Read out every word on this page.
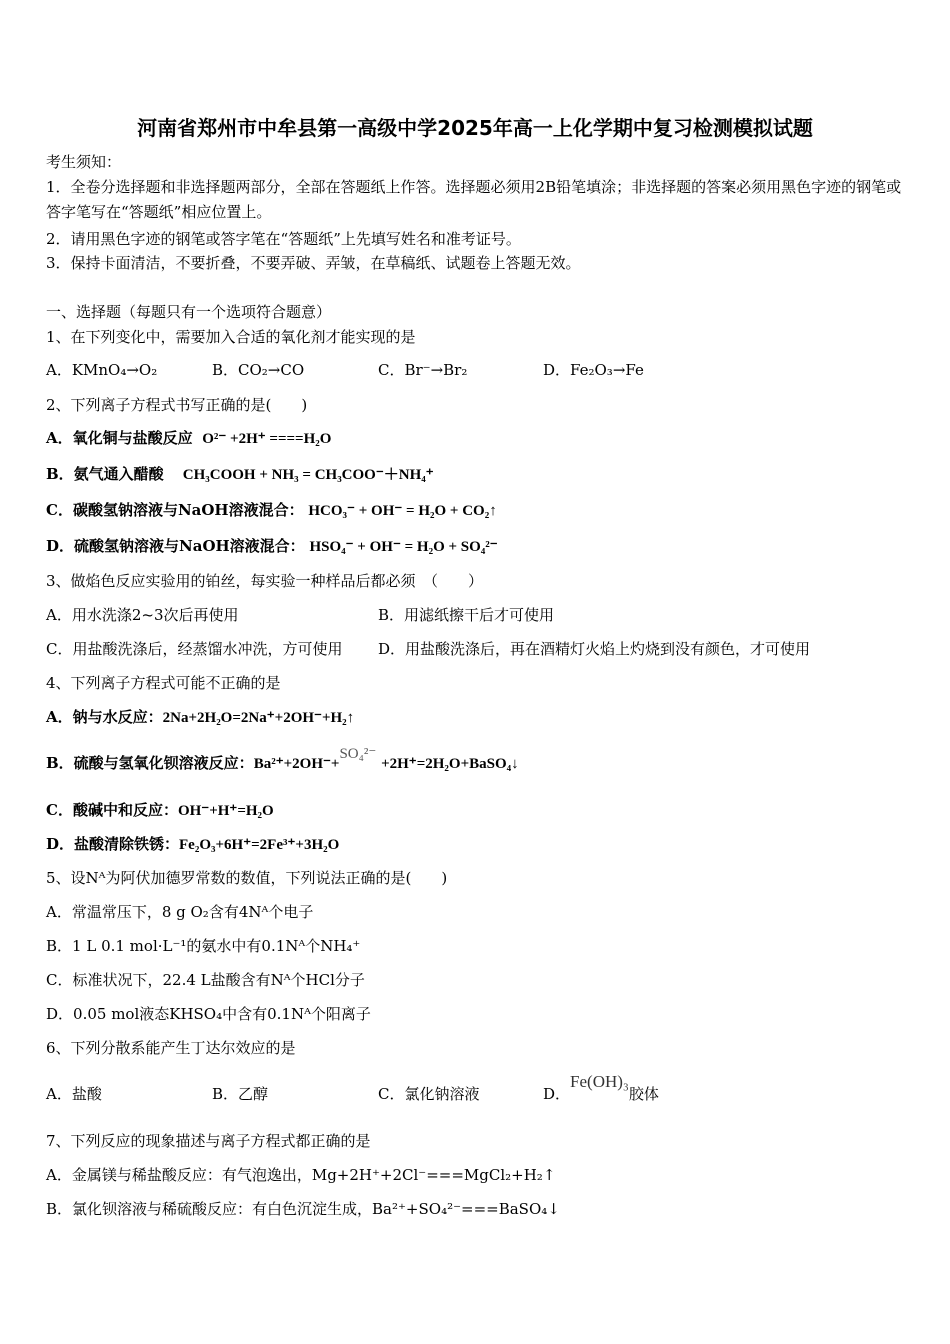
河南省郑州市中牟县第一高级中学2025年高一上化学期中复习检测模拟试题
考生须知：
1．全卷分选择题和非选择题两部分，全部在答题纸上作答。选择题必须用2B铅笔填涂；非选择题的答案必须用黑色字迹的钢笔或答字笔写在“答题纸”相应位置上。
2．请用黑色字迹的钢笔或答字笔在“答题纸”上先填写姓名和准考证号。
3．保持卡面清洁，不要折叠，不要弄破、弄皱，在草稿纸、试题卷上答题无效。
一、选择题（每题只有一个选项符合题意）
1、在下列变化中，需要加入合适的氧化剂才能实现的是
A．KMnO₄→O₂	B．CO₂→CO	C．Br⁻→Br₂	D．Fe₂O₃→Fe
2、下列离子方程式书写正确的是(　　)
A．氧化铜与盐酸反应 O²⁻ +2H⁺ ====H₂O
B．氨气通入醋酸 CH₃COOH + NH₃ = CH₃COO⁻＋NH₄⁺
C．碳酸氢钠溶液与NaOH溶液混合： HCO₃⁻ + OH⁻ = H₂O + CO₂↑
D．硫酸氢钠溶液与NaOH溶液混合： HSO₄⁻ + OH⁻ = H₂O + SO₄²⁻
3、做焰色反应实验用的铂丝，每实验一种样品后都必须　（　　）
A．用水洗涤2~3次后再使用	B．用滤纸擦干后才可使用
C．用盐酸洗涤后，经蒸馏水冲洗，方可使用 D．用盐酸洗涤后，再在酒精灯火焰上灼烧到没有颜色，才可使用
4、下列离子方程式可能不正确的是
A．钠与水反应：2Na+2H₂O=2Na⁺+2OH⁻+H₂↑
B．硫酸与氢氧化钡溶液反应：Ba²⁺+2OH⁻+SO₄²⁻ +2H⁺=2H₂O+BaSO₄↓
C．酸碱中和反应：OH⁻+H⁺=H₂O
D．盐酸清除铁锈：Fe₂O₃+6H⁺=2Fe³⁺+3H₂O
5、设Nᴬ为阿伏加德罗常数的数值，下列说法正确的是(　　)
A．常温常压下，8 g O₂含有4Nᴬ个电子
B．1 L 0.1 mol·L⁻¹的氨水中有0.1Nᴬ个NH₄⁺
C．标准状况下，22.4 L盐酸含有Nᴬ个HCl分子
D．0.05 mol液态KHSO₄中含有0.1Nᴬ个阳离子
6、下列分散系能产生丁达尔效应的是
A．盐酸	B．乙醇	C．氯化钠溶液	D．Fe(OH)₃胶体
7、下列反应的现象描述与离子方程式都正确的是
A．金属镁与稀盐酸反应：有气泡逸出，Mg+2H⁺+2Cl⁻===MgCl₂+H₂↑
B．氯化钡溶液与稀硫酸反应：有白色沉淀生成，Ba²⁺+SO₄²⁻===BaSO₄↓
